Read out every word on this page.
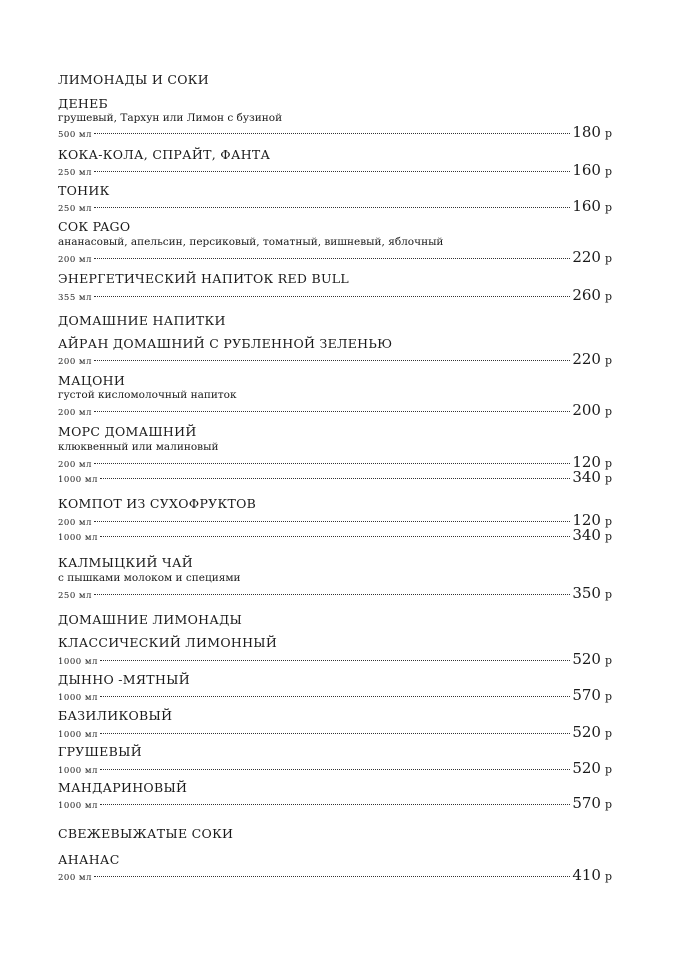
ЛИМОНАДЫ И СОКИ
ДЕНЕБ
грушевый, Тархун или Лимон с бузиной
500 мл	180 р
КОКА-КОЛА, СПРАЙТ, ФАНТА
250 мл	160 р
ТОНИК
250 мл	160 р
СОК PAGO
ананасовый, апельсин, персиковый, томатный, вишневый, яблочный
200 мл	220 р
ЭНЕРГЕТИЧЕСКИЙ НАПИТОК RED BULL
355 мл	260 р
ДОМАШНИЕ НАПИТКИ
АЙРАН ДОМАШНИЙ С РУБЛЕННОЙ ЗЕЛЕНЬЮ
200 мл	220 р
МАЦОНИ
густой кисломолочный напиток
200 мл	200 р
МОРС ДОМАШНИЙ
клюквенный или малиновый
200 мл	120 р
1000 мл	340 р
КОМПОТ ИЗ СУХОФРУКТОВ
200 мл	120 р
1000 мл	340 р
КАЛМЫЦКИЙ ЧАЙ
с пышками молоком и специями
250 мл	350 р
ДОМАШНИЕ ЛИМОНАДЫ
КЛАССИЧЕСКИЙ ЛИМОННЫЙ
1000 мл	520 р
ДЫННО -МЯТНЫЙ
1000 мл	570 р
БАЗИЛИКОВЫЙ
1000 мл	520 р
ГРУШЕВЫЙ
1000 мл	520 р
МАНДАРИНОВЫЙ
1000 мл	570 р
СВЕЖЕВЫЖАТЫЕ СОКИ
АНАНАС
200 мл	410 р
